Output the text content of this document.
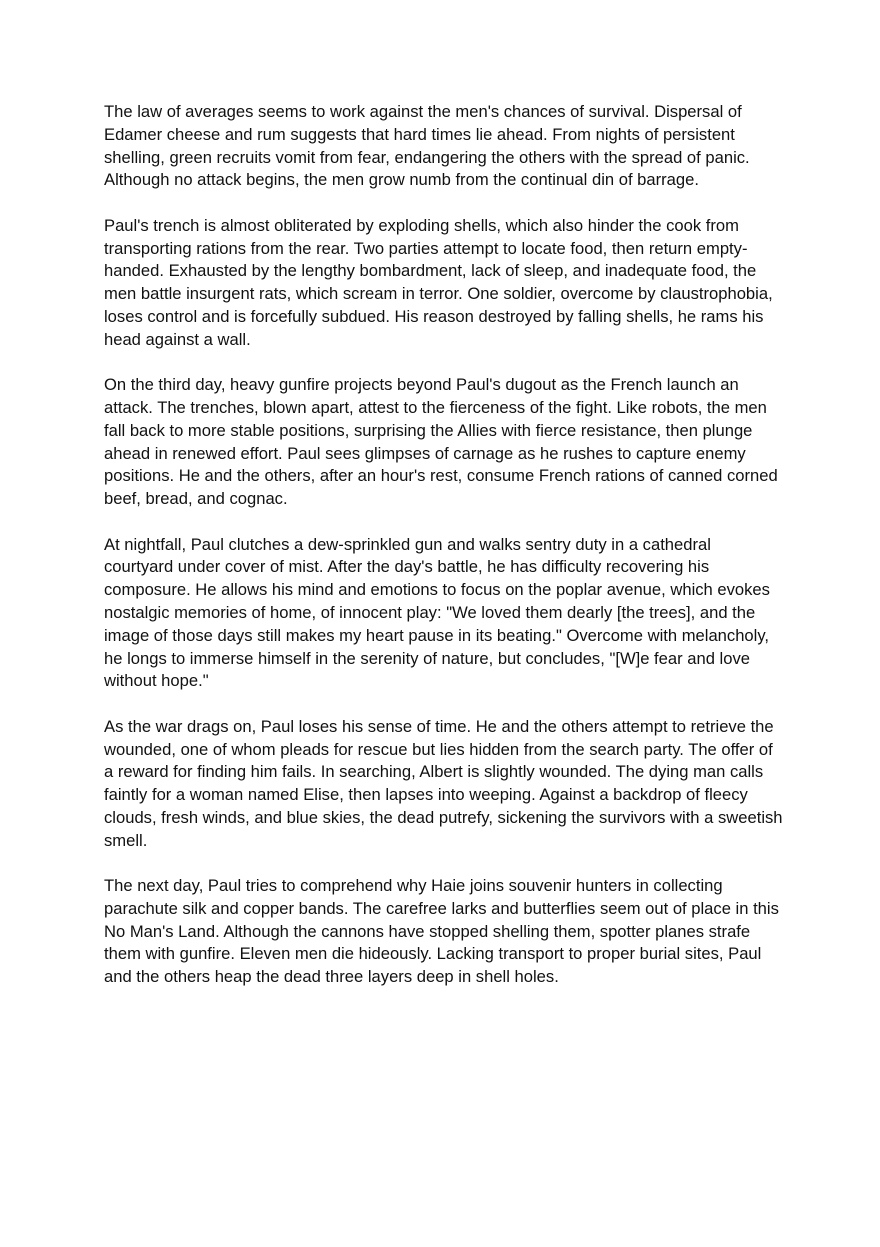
The law of averages seems to work against the men's chances of survival. Dispersal of Edamer cheese and rum suggests that hard times lie ahead. From nights of persistent shelling, green recruits vomit from fear, endangering the others with the spread of panic. Although no attack begins, the men grow numb from the continual din of barrage.

Paul's trench is almost obliterated by exploding shells, which also hinder the cook from transporting rations from the rear. Two parties attempt to locate food, then return empty-handed. Exhausted by the lengthy bombardment, lack of sleep, and inadequate food, the men battle insurgent rats, which scream in terror. One soldier, overcome by claustrophobia, loses control and is forcefully subdued. His reason destroyed by falling shells, he rams his head against a wall.

On the third day, heavy gunfire projects beyond Paul's dugout as the French launch an attack. The trenches, blown apart, attest to the fierceness of the fight. Like robots, the men fall back to more stable positions, surprising the Allies with fierce resistance, then plunge ahead in renewed effort. Paul sees glimpses of carnage as he rushes to capture enemy positions. He and the others, after an hour's rest, consume French rations of canned corned beef, bread, and cognac.

At nightfall, Paul clutches a dew-sprinkled gun and walks sentry duty in a cathedral courtyard under cover of mist. After the day's battle, he has difficulty recovering his composure. He allows his mind and emotions to focus on the poplar avenue, which evokes nostalgic memories of home, of innocent play: "We loved them dearly [the trees], and the image of those days still makes my heart pause in its beating." Overcome with melancholy, he longs to immerse himself in the serenity of nature, but concludes, "[W]e fear and love without hope."

As the war drags on, Paul loses his sense of time. He and the others attempt to retrieve the wounded, one of whom pleads for rescue but lies hidden from the search party. The offer of a reward for finding him fails. In searching, Albert is slightly wounded. The dying man calls faintly for a woman named Elise, then lapses into weeping. Against a backdrop of fleecy clouds, fresh winds, and blue skies, the dead putrefy, sickening the survivors with a sweetish smell.

The next day, Paul tries to comprehend why Haie joins souvenir hunters in collecting parachute silk and copper bands. The carefree larks and butterflies seem out of place in this No Man's Land. Although the cannons have stopped shelling them, spotter planes strafe them with gunfire. Eleven men die hideously. Lacking transport to proper burial sites, Paul and the others heap the dead three layers deep in shell holes.
